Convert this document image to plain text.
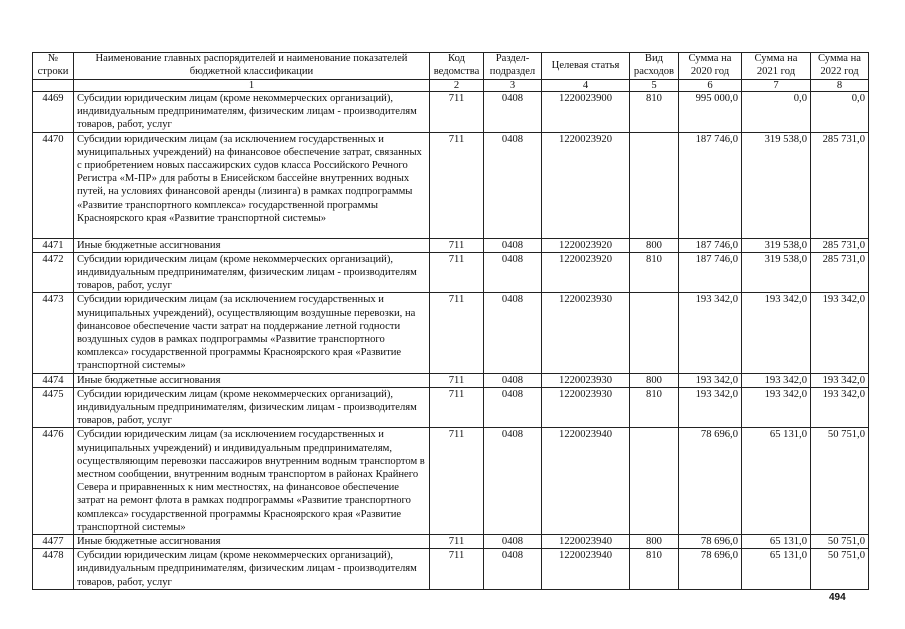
№ строки	Наименование главных распорядителей и наименование показателей бюджетной классификации	Код ведомства	Раздел-подраздел	Целевая статья	Вид расходов	Сумма на 2020 год	Сумма на 2021 год	Сумма на 2022 год
	1	2	3	4	5	6	7	8
4469	Субсидии юридическим лицам (кроме некоммерческих организаций), индивидуальным предпринимателям, физическим лицам - производителям товаров, работ, услуг	711	0408	1220023900	810	995 000,0	0,0	0,0
4470	Субсидии юридическим лицам (за исключением государственных и муниципальных учреждений) на финансовое обеспечение затрат, связанных с приобретением новых пассажирских судов класса Российского Речного Регистра «М-ПР» для работы в Енисейском бассейне внутренних водных путей, на условиях финансовой аренды (лизинга) в рамках подпрограммы «Развитие транспортного комплекса» государственной программы Красноярского края «Развитие транспортной системы»	711	0408	1220023920		187 746,0	319 538,0	285 731,0
4471	Иные бюджетные ассигнования	711	0408	1220023920	800	187 746,0	319 538,0	285 731,0
4472	Субсидии юридическим лицам (кроме некоммерческих организаций), индивидуальным предпринимателям, физическим лицам - производителям товаров, работ, услуг	711	0408	1220023920	810	187 746,0	319 538,0	285 731,0
4473	Субсидии юридическим лицам (за исключением государственных и муниципальных учреждений), осуществляющим воздушные перевозки, на финансовое обеспечение части затрат на поддержание летной годности воздушных судов в рамках подпрограммы «Развитие транспортного комплекса» государственной программы Красноярского края «Развитие транспортной системы»	711	0408	1220023930		193 342,0	193 342,0	193 342,0
4474	Иные бюджетные ассигнования	711	0408	1220023930	800	193 342,0	193 342,0	193 342,0
4475	Субсидии юридическим лицам (кроме некоммерческих организаций), индивидуальным предпринимателям, физическим лицам - производителям товаров, работ, услуг	711	0408	1220023930	810	193 342,0	193 342,0	193 342,0
4476	Субсидии юридическим лицам (за исключением государственных и муниципальных учреждений) и индивидуальным предпринимателям, осуществляющим перевозки пассажиров внутренним водным транспортом в местном сообщении, внутренним водным транспортом в районах Крайнего Севера и приравненных к ним местностях, на финансовое обеспечение затрат на ремонт флота в рамках подпрограммы «Развитие транспортного комплекса» государственной программы Красноярского края «Развитие транспортной системы»	711	0408	1220023940		78 696,0	65 131,0	50 751,0
4477	Иные бюджетные ассигнования	711	0408	1220023940	800	78 696,0	65 131,0	50 751,0
4478	Субсидии юридическим лицам (кроме некоммерческих организаций), индивидуальным предпринимателям, физическим лицам - производителям товаров, работ, услуг	711	0408	1220023940	810	78 696,0	65 131,0	50 751,0
494
